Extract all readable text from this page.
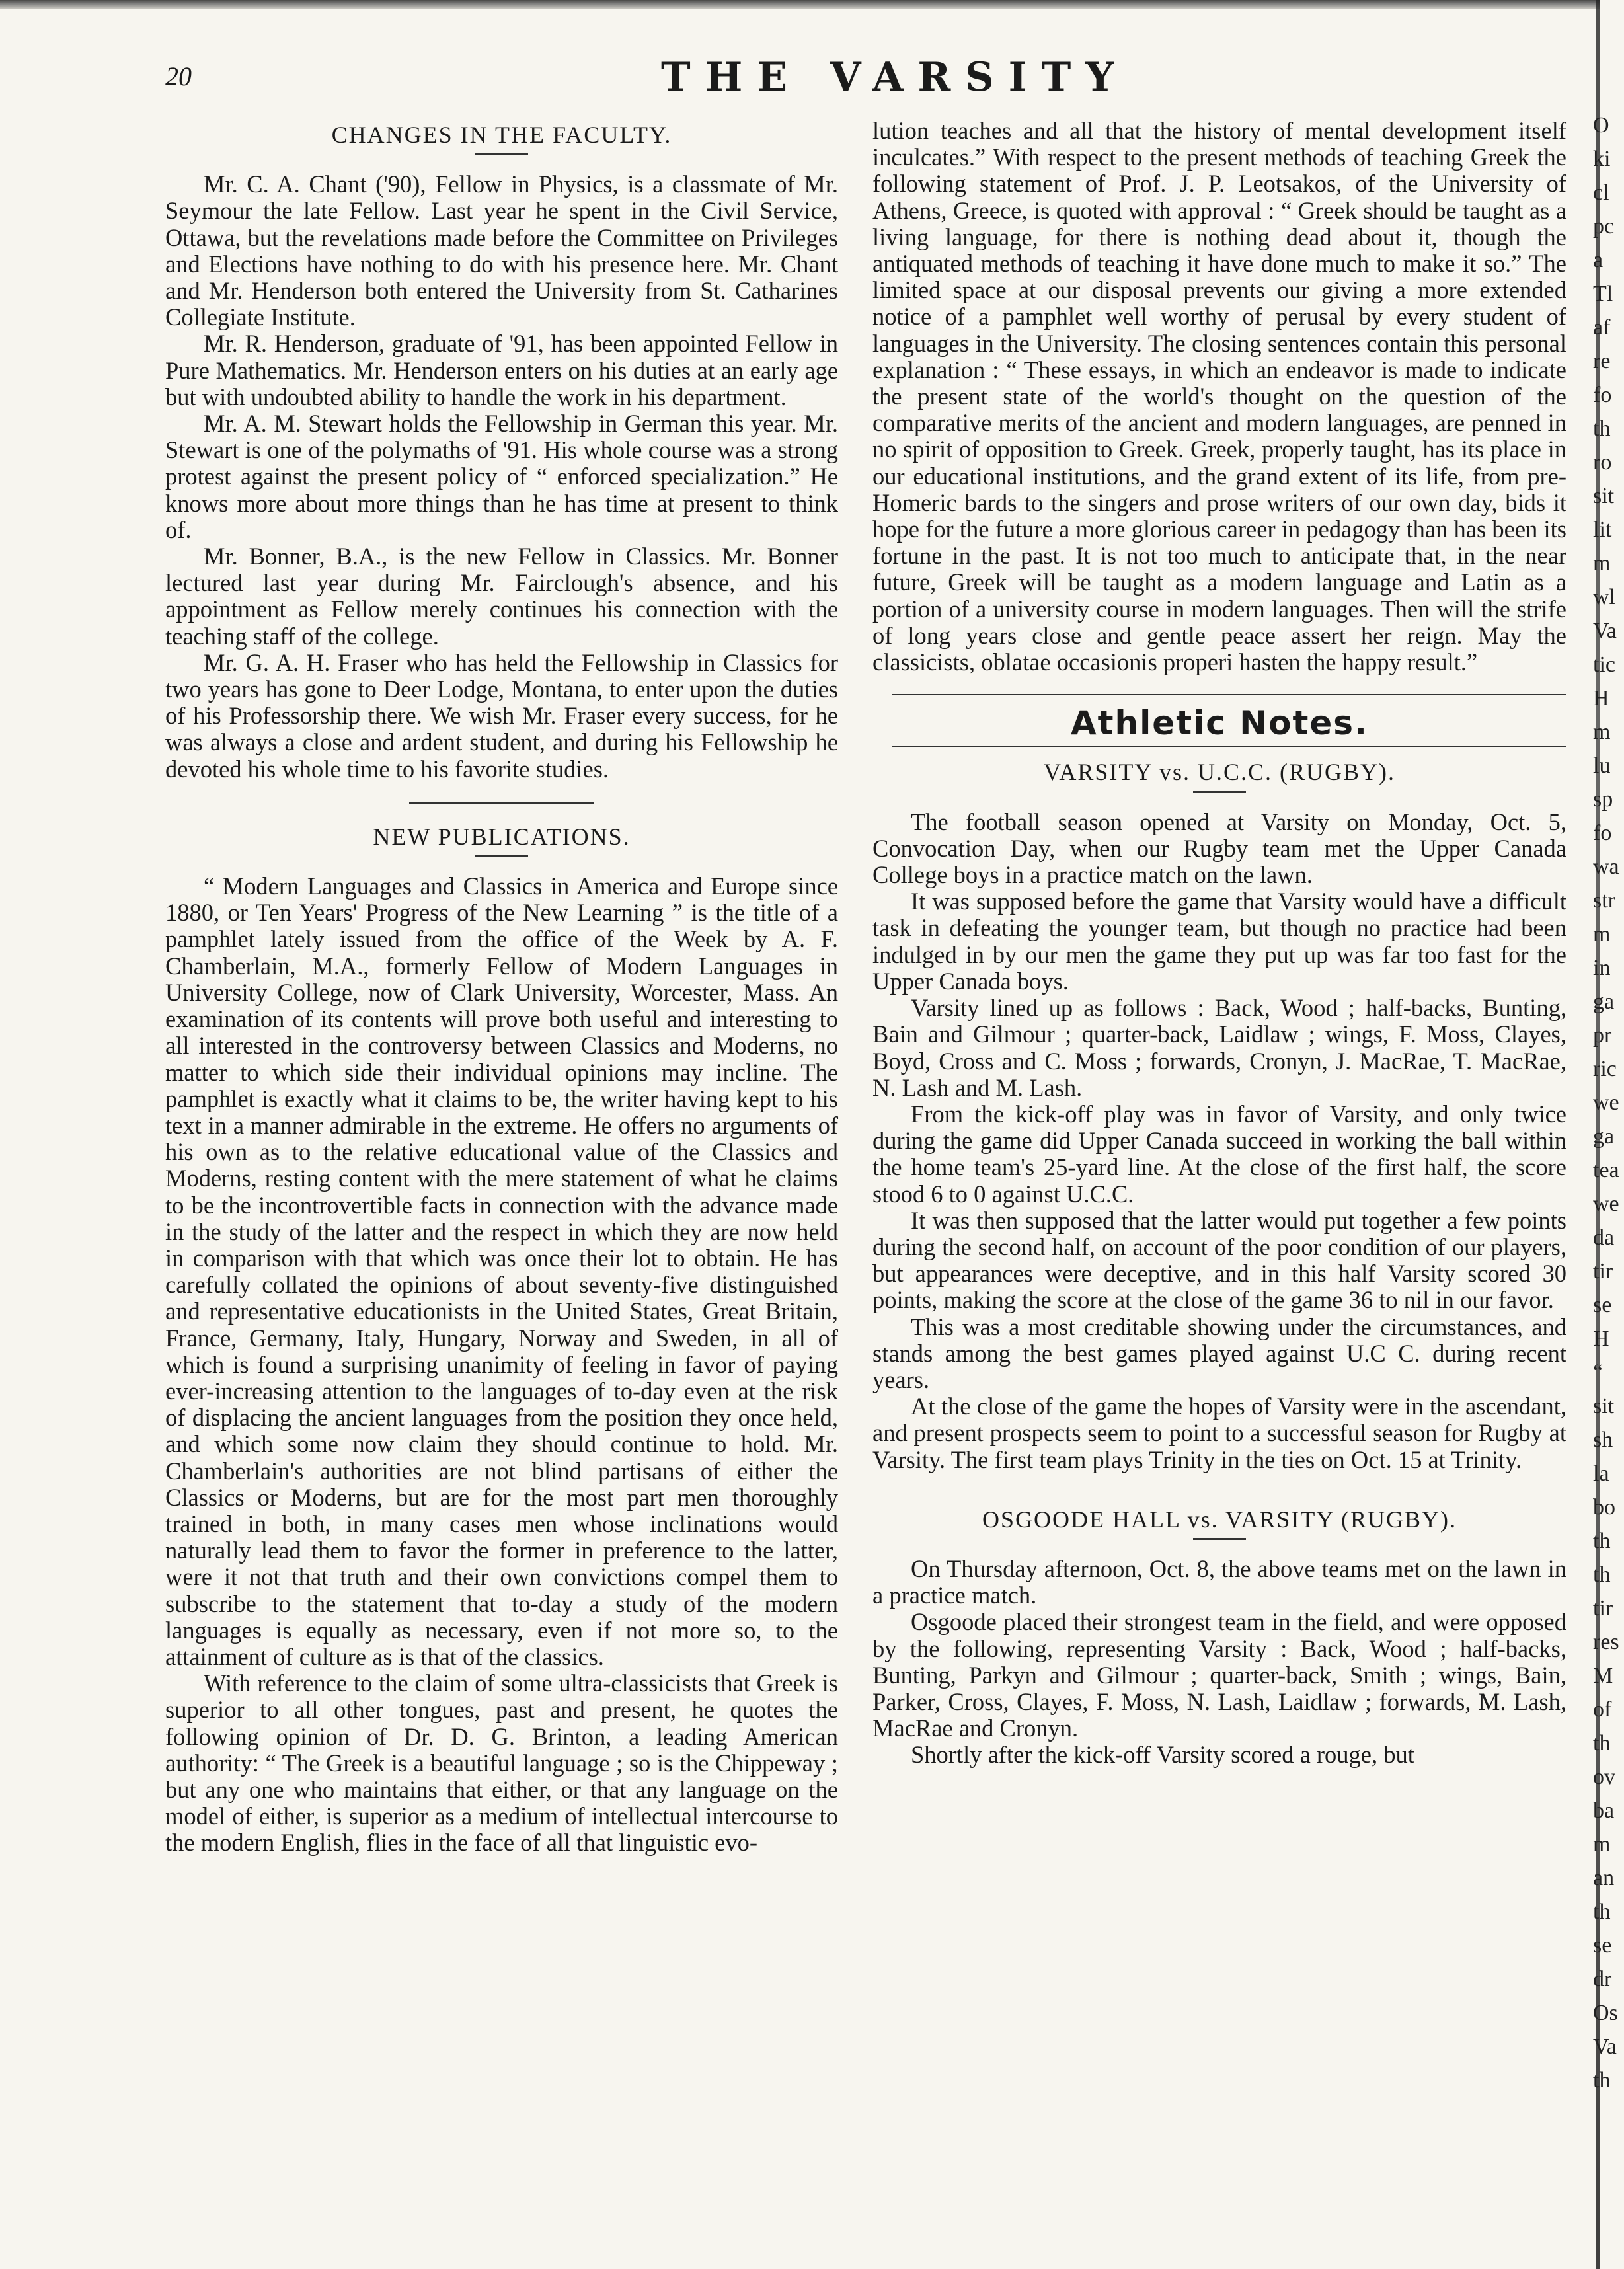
20	THE VARSITY
CHANGES IN THE FACULTY.

Mr. C. A. Chant ('90), Fellow in Physics, is a classmate of Mr. Seymour the late Fellow. Last year he spent in the Civil Service, Ottawa, but the revelations made before the Committee on Privileges and Elections have nothing to do with his presence here. Mr. Chant and Mr. Henderson both entered the University from St. Catharines Collegiate Institute.

Mr. R. Henderson, graduate of '91, has been appointed Fellow in Pure Mathematics. Mr. Henderson enters on his duties at an early age but with undoubted ability to handle the work in his department.

Mr. A. M. Stewart holds the Fellowship in German this year. Mr. Stewart is one of the polymaths of '91. His whole course was a strong protest against the present policy of “ enforced specialization.” He knows more about more things than he has time at present to think of.

Mr. Bonner, B.A., is the new Fellow in Classics. Mr. Bonner lectured last year during Mr. Fairclough's absence, and his appointment as Fellow merely continues his connection with the teaching staff of the college.

Mr. G. A. H. Fraser who has held the Fellowship in Classics for two years has gone to Deer Lodge, Montana, to enter upon the duties of his Professorship there. We wish Mr. Fraser every success, for he was always a close and ardent student, and during his Fellowship he devoted his whole time to his favorite studies.

NEW PUBLICATIONS.

“ Modern Languages and Classics in America and Europe since 1880, or Ten Years' Progress of the New Learning ” is the title of a pamphlet lately issued from the office of the Week by A. F. Chamberlain, M.A., formerly Fellow of Modern Languages in University College, now of Clark University, Worcester, Mass. An examination of its contents will prove both useful and interesting to all interested in the controversy between Classics and Moderns, no matter to which side their individual opinions may incline. The pamphlet is exactly what it claims to be, the writer having kept to his text in a manner admirable in the extreme. He offers no arguments of his own as to the relative educational value of the Classics and Moderns, resting content with the mere statement of what he claims to be the incontrovertible facts in connection with the advance made in the study of the latter and the respect in which they are now held in comparison with that which was once their lot to obtain. He has carefully collated the opinions of about seventy-five distinguished and representative educationists in the United States, Great Britain, France, Germany, Italy, Hungary, Norway and Sweden, in all of which is found a surprising unanimity of feeling in favor of paying ever-increasing attention to the languages of to-day even at the risk of displacing the ancient languages from the position they once held, and which some now claim they should continue to hold. Mr. Chamberlain's authorities are not blind partisans of either the Classics or Moderns, but are for the most part men thoroughly trained in both, in many cases men whose inclinations would naturally lead them to favor the former in preference to the latter, were it not that truth and their own convictions compel them to subscribe to the statement that to-day a study of the modern languages is equally as necessary, even if not more so, to the attainment of culture as is that of the classics.

With reference to the claim of some ultra-classicists that Greek is superior to all other tongues, past and present, he quotes the following opinion of Dr. D. G. Brinton, a leading American authority: “ The Greek is a beautiful language ; so is the Chippeway ; but any one who maintains that either, or that any language on the model of either, is superior as a medium of intellectual intercourse to the modern English, flies in the face of all that linguistic evo-

lution teaches and all that the history of mental development itself inculcates.” With respect to the present methods of teaching Greek the following statement of Prof. J. P. Leotsakos, of the University of Athens, Greece, is quoted with approval : “ Greek should be taught as a living language, for there is nothing dead about it, though the antiquated methods of teaching it have done much to make it so.” The limited space at our disposal prevents our giving a more extended notice of a pamphlet well worthy of perusal by every student of languages in the University. The closing sentences contain this personal explanation : “ These essays, in which an endeavor is made to indicate the present state of the world's thought on the question of the comparative merits of the ancient and modern languages, are penned in no spirit of opposition to Greek. Greek, properly taught, has its place in our educational institutions, and the grand extent of its life, from pre-Homeric bards to the singers and prose writers of our own day, bids it hope for the future a more glorious career in pedagogy than has been its fortune in the past. It is not too much to anticipate that, in the near future, Greek will be taught as a modern language and Latin as a portion of a university course in modern languages. Then will the strife of long years close and gentle peace assert her reign. May the classicists, oblatae occasionis properi hasten the happy result.”

Athletic Notes.
VARSITY vs. U.C.C. (RUGBY).

The football season opened at Varsity on Monday, Oct. 5, Convocation Day, when our Rugby team met the Upper Canada College boys in a practice match on the lawn.

It was supposed before the game that Varsity would have a difficult task in defeating the younger team, but though no practice had been indulged in by our men the game they put up was far too fast for the Upper Canada boys.

Varsity lined up as follows : Back, Wood ; half-backs, Bunting, Bain and Gilmour ; quarter-back, Laidlaw ; wings, F. Moss, Clayes, Boyd, Cross and C. Moss ; forwards, Cronyn, J. MacRae, T. MacRae, N. Lash and M. Lash.

From the kick-off play was in favor of Varsity, and only twice during the game did Upper Canada succeed in working the ball within the home team's 25-yard line. At the close of the first half, the score stood 6 to 0 against U.C.C.

It was then supposed that the latter would put together a few points during the second half, on account of the poor condition of our players, but appearances were deceptive, and in this half Varsity scored 30 points, making the score at the close of the game 36 to nil in our favor.

This was a most creditable showing under the circumstances, and stands among the best games played against U.C C. during recent years.

At the close of the game the hopes of Varsity were in the ascendant, and present prospects seem to point to a successful season for Rugby at Varsity. The first team plays Trinity in the ties on Oct. 15 at Trinity.

OSGOODE HALL vs. VARSITY (RUGBY).

On Thursday afternoon, Oct. 8, the above teams met on the lawn in a practice match.

Osgoode placed their strongest team in the field, and were opposed by the following, representing Varsity : Back, Wood ; half-backs, Bunting, Parkyn and Gilmour ; quarter-back, Smith ; wings, Bain, Parker, Cross, Clayes, F. Moss, N. Lash, Laidlaw ; forwards, M. Lash, MacRae and Cronyn.

Shortly after the kick-off Varsity scored a rouge, but

O
ki
cl
pc
a
Tl
af
re
fo
th
ro
sit
lit
m
wl
Va
tic
H
m
lu
sp
fo
wa
str
m
in
ga
pr
ric
we
ga
tea
we
da
tir
se
H
“
sit
sh
la
bo
th
th
tir
res
M
of
th
ov
ba
m
an
th
se
dr
Os
Va
th
